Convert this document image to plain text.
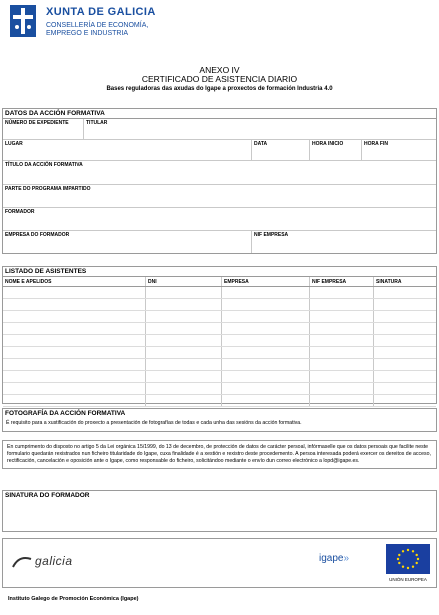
XUNTA DE GALICIA
CONSELLERÍA DE ECONOMÍA,
EMPREGO E INDUSTRIA
ANEXO IV
CERTIFICADO DE ASISTENCIA DIARIO
Bases reguladoras das axudas do Igape a proxectos de formación Industria 4.0
DATOS DA ACCIÓN FORMATIVA
NÚMERO DE EXPEDIENTE	TITULAR
LUGAR	DATA	HORA INICIO	HORA FIN
TÍTULO DA ACCIÓN FORMATIVA
PARTE DO PROGRAMA IMPARTIDO
FORMADOR
EMPRESA DO FORMADOR	NIF EMPRESA
LISTADO DE ASISTENTES
NOME E APELIDOS	DNI	EMPRESA	NIF EMPRESA	SINATURA
FOTOGRAFÍA DA ACCIÓN FORMATIVA
É requisito para a xustificación do proxecto a presentación de fotografías de todas e cada unha das sesións da acción formativa.
En cumprimento do disposto no artigo 5 da Lei orgánica 15/1999, do 13 de decembro, de protección de datos de carácter persoal, infórmaselle que os datos persoais que facilite neste formulario quedarán rexistrados nun ficheiro titularidade do Igape, cuxa finalidade é a xestión e rexistro deste procedemento. A persoa interesada poderá exercer os dereitos de acceso, rectificación, cancelación e oposición ante o Igape, como responsable do ficheiro, solicitándoo mediante o envío dun correo electrónico a lopd@igape.es.
SINATURA DO FORMADOR
galicia	igape»
UNIÓN EUROPEA
Instituto Galego de Promoción Económica (Igape)
